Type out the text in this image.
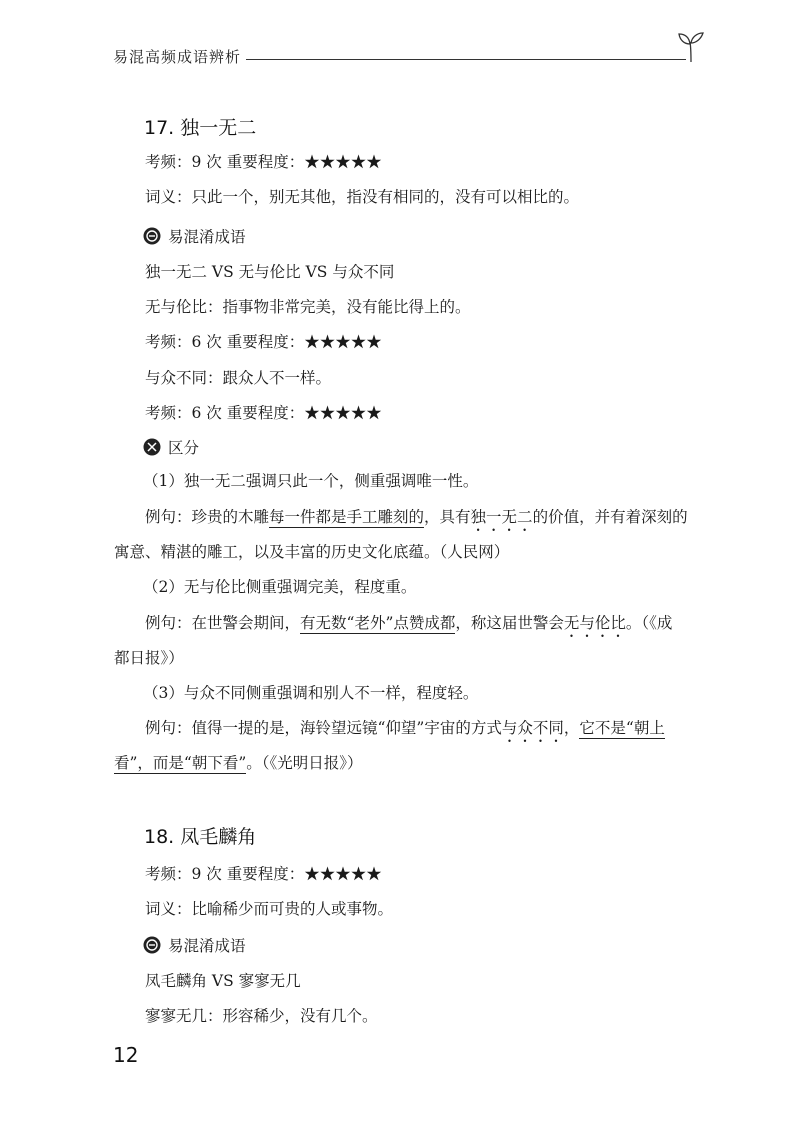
易混高频成语辨析
17. 独一无二
考频：9 次 重要程度：★★★★★
词义：只此一个，别无其他，指没有相同的，没有可以相比的。
易混淆成语
独一无二 VS 无与伦比 VS 与众不同
无与伦比：指事物非常完美，没有能比得上的。
考频：6 次 重要程度：★★★★★
与众不同：跟众人不一样。
考频：6 次 重要程度：★★★★★
区分
（1）独一无二强调只此一个，侧重强调唯一性。
例句：珍贵的木雕每一件都是手工雕刻的，具有独一无二的价值，并有着深刻的
寓意、精湛的雕工，以及丰富的历史文化底蕴。（人民网）
（2）无与伦比侧重强调完美，程度重。
例句：在世警会期间，有无数“老外”点赞成都，称这届世警会无与伦比。（《成
都日报》）
（3）与众不同侧重强调和别人不一样，程度轻。
例句：值得一提的是，海铃望远镜“仰望”宇宙的方式与众不同，它不是“朝上
看”，而是“朝下看”。（《光明日报》）
18. 凤毛麟角
考频：9 次 重要程度：★★★★★
词义：比喻稀少而可贵的人或事物。
易混淆成语
凤毛麟角 VS 寥寥无几
寥寥无几：形容稀少，没有几个。
12
